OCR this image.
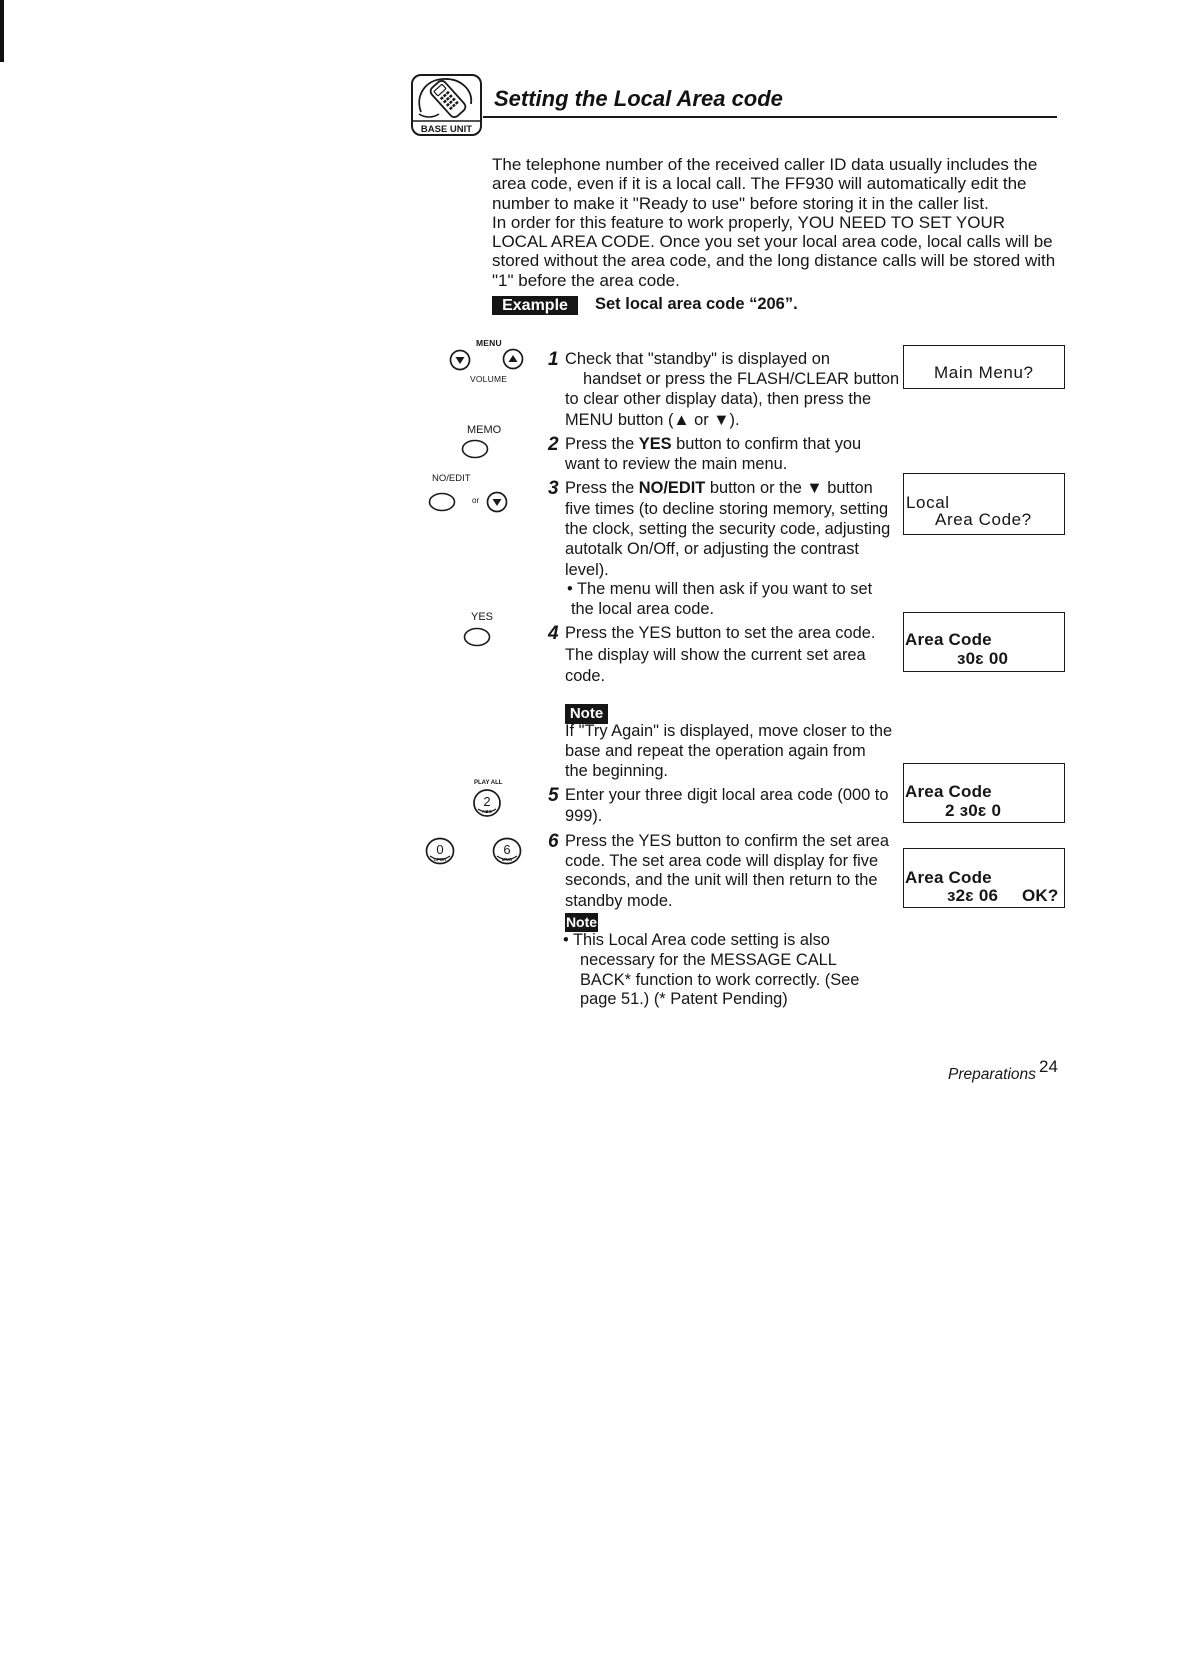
BASE UNIT
Setting the Local Area code
The telephone number of the received caller ID data usually includes the
area code, even if it is a local call. The FF930 will automatically edit the
number to make it "Ready to use" before storing it in the caller list.
In order for this feature to work properly, YOU NEED TO SET YOUR
LOCAL AREA CODE. Once you set your local area code, local calls will be
stored without the area code, and the long distance calls will be stored with
"1" before the area code.
Example	Set local area code “206”.
MENU
VOLUME
MEMO
NO/EDIT
or
YES
PLAY ALL
2
ABC
0
OPER
6
MNO
1 Check that "standby" is displayed on
handset or press the FLASH/CLEAR button
to clear other display data), then press the
MENU button (▲ or ▼).
2 Press the YES button to confirm that you
want to review the main menu.
3 Press the NO/EDIT button or the ▼ button
five times (to decline storing memory, setting
the clock, setting the security code, adjusting
autotalk On/Off, or adjusting the contrast
level).
• The menu will then ask if you want to set
the local area code.
4 Press the YES button to set the area code.
The display will show the current set area
code.
Note
If "Try Again" is displayed, move closer to the
base and repeat the operation again from
the beginning.
5 Enter your three digit local area code (000 to
999).
6 Press the YES button to confirm the set area
code. The set area code will display for five
seconds, and the unit will then return to the
standby mode.
Note
• This Local Area code setting is also
necessary for the MESSAGE CALL
BACK* function to work correctly. (See
page 51.) (* Patent Pending)
Main Menu?
Local
Area Code?
Area Code
ɜ0ɛ 00
Area Code
2 ɜ0ɛ 0
Area Code
ɜ2ɛ 06 OK?
Preparations 24
